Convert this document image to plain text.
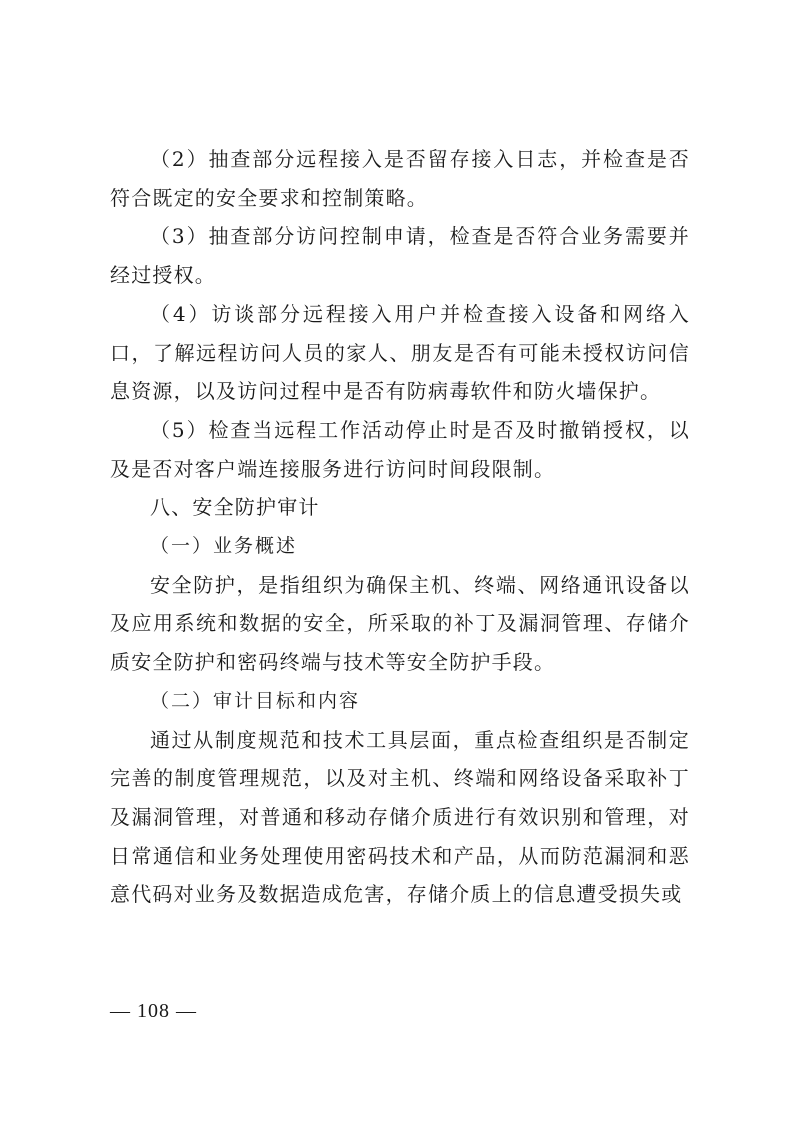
（2）抽查部分远程接入是否留存接入日志，并检查是否符合既定的安全要求和控制策略。

（3）抽查部分访问控制申请，检查是否符合业务需要并经过授权。

（4）访谈部分远程接入用户并检查接入设备和网络入口，了解远程访问人员的家人、朋友是否有可能未授权访问信息资源，以及访问过程中是否有防病毒软件和防火墙保护。

（5）检查当远程工作活动停止时是否及时撤销授权，以及是否对客户端连接服务进行访问时间段限制。

八、安全防护审计
（一）业务概述

安全防护，是指组织为确保主机、终端、网络通讯设备以及应用系统和数据的安全，所采取的补丁及漏洞管理、存储介质安全防护和密码终端与技术等安全防护手段。

（二）审计目标和内容

通过从制度规范和技术工具层面，重点检查组织是否制定完善的制度管理规范，以及对主机、终端和网络设备采取补丁及漏洞管理，对普通和移动存储介质进行有效识别和管理，对日常通信和业务处理使用密码技术和产品，从而防范漏洞和恶意代码对业务及数据造成危害，存储介质上的信息遭受损失或

— 108 —
